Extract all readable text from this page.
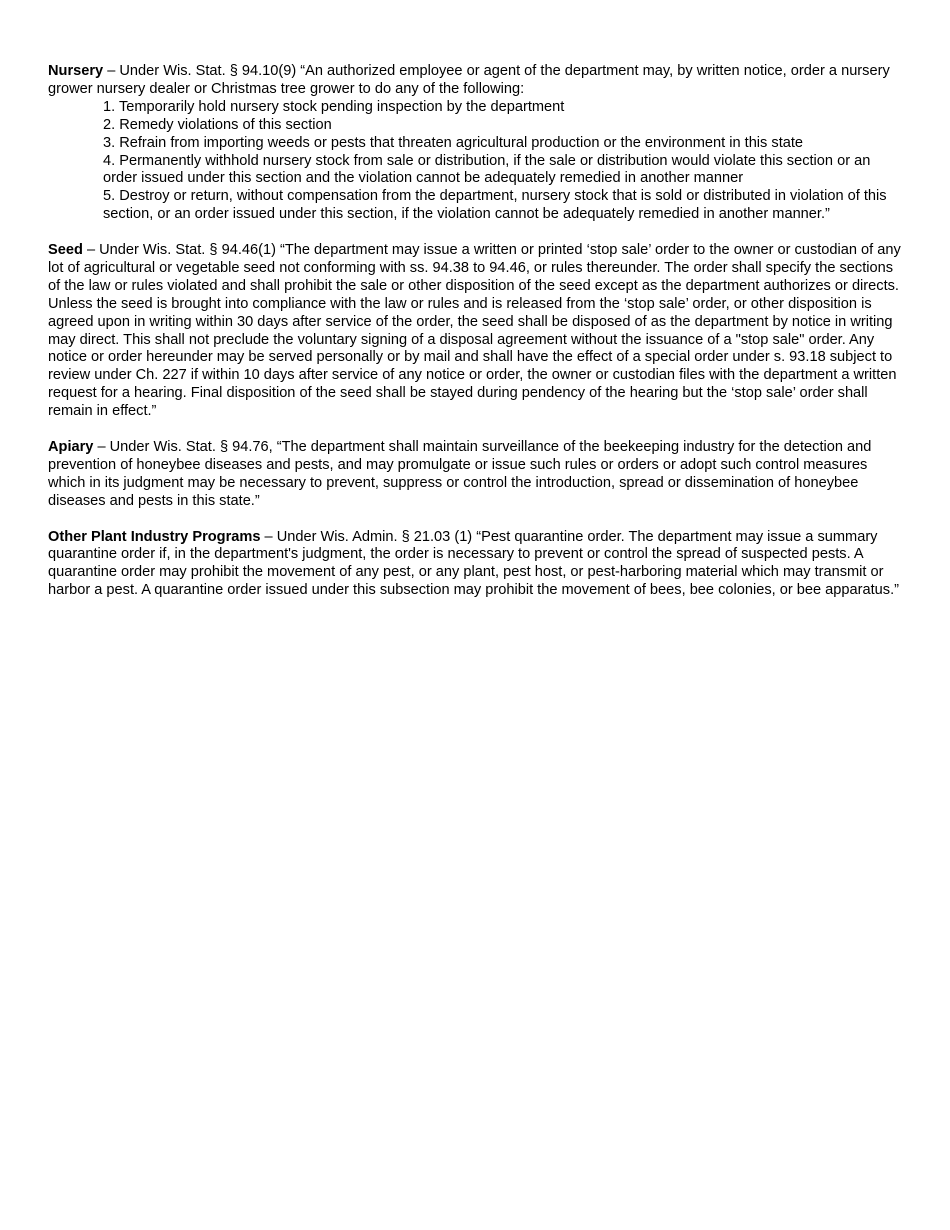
Nursery – Under Wis. Stat. § 94.10(9) “An authorized employee or agent of the department may, by written notice, order a nursery grower nursery dealer or Christmas tree grower to do any of the following:
1. Temporarily hold nursery stock pending inspection by the department
2. Remedy violations of this section
3. Refrain from importing weeds or pests that threaten agricultural production or the environment in this state
4. Permanently withhold nursery stock from sale or distribution, if the sale or distribution would violate this section or an order issued under this section and the violation cannot be adequately remedied in another manner
5. Destroy or return, without compensation from the department, nursery stock that is sold or distributed in violation of this section, or an order issued under this section, if the violation cannot be adequately remedied in another manner.”
Seed – Under Wis. Stat. § 94.46(1) “The department may issue a written or printed ‘stop sale’ order to the owner or custodian of any lot of agricultural or vegetable seed not conforming with ss. 94.38 to 94.46, or rules thereunder. The order shall specify the sections of the law or rules violated and shall prohibit the sale or other disposition of the seed except as the department authorizes or directs. Unless the seed is brought into compliance with the law or rules and is released from the ‘stop sale’ order, or other disposition is agreed upon in writing within 30 days after service of the order, the seed shall be disposed of as the department by notice in writing may direct. This shall not preclude the voluntary signing of a disposal agreement without the issuance of a "stop sale" order. Any notice or order hereunder may be served personally or by mail and shall have the effect of a special order under s. 93.18 subject to review under Ch. 227 if within 10 days after service of any notice or order, the owner or custodian files with the department a written request for a hearing. Final disposition of the seed shall be stayed during pendency of the hearing but the ‘stop sale’ order shall remain in effect.”
Apiary – Under Wis. Stat. § 94.76, “The department shall maintain surveillance of the beekeeping industry for the detection and prevention of honeybee diseases and pests, and may promulgate or issue such rules or orders or adopt such control measures which in its judgment may be necessary to prevent, suppress or control the introduction, spread or dissemination of honeybee diseases and pests in this state.”
Other Plant Industry Programs – Under Wis. Admin. § 21.03 (1) “Pest quarantine order. The department may issue a summary quarantine order if, in the department's judgment, the order is necessary to prevent or control the spread of suspected pests. A quarantine order may prohibit the movement of any pest, or any plant, pest host, or pest-harboring material which may transmit or harbor a pest. A quarantine order issued under this subsection may prohibit the movement of bees, bee colonies, or bee apparatus.”
